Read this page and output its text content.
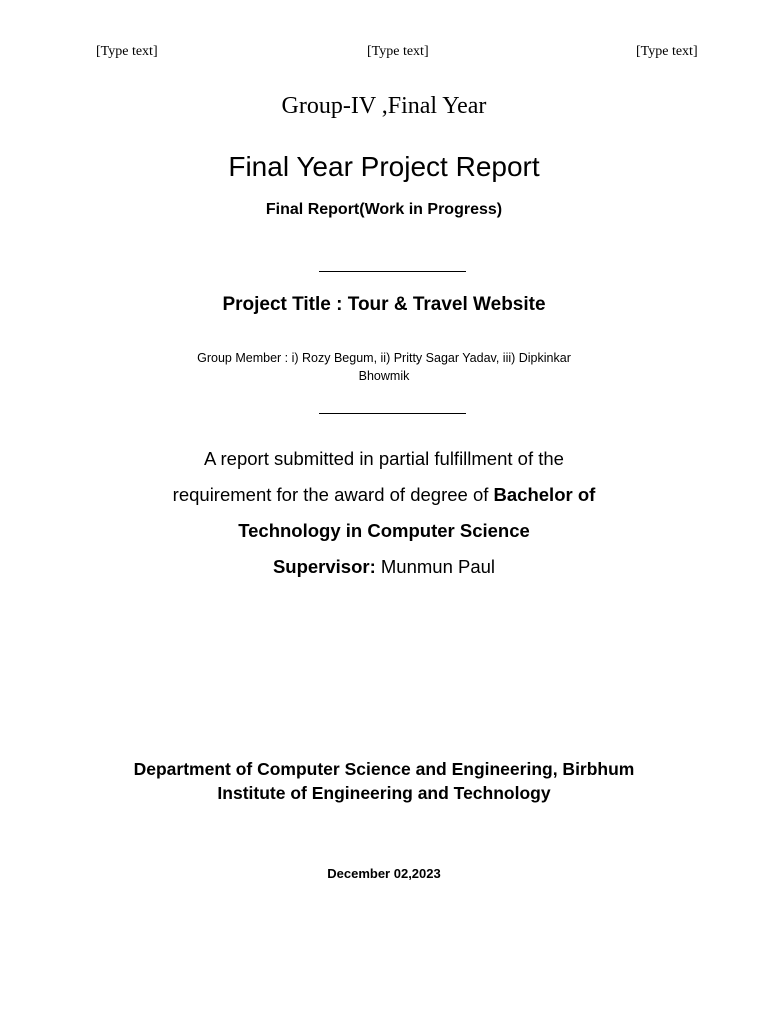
[Type text]	[Type text]	[Type text]
Group-IV ,Final Year
Final Year Project Report
Final Report(Work in Progress)
Project Title : Tour & Travel Website
Group Member : i) Rozy Begum, ii) Pritty Sagar Yadav, iii) Dipkinkar
Bhowmik
A report submitted in partial fulfillment of the
requirement for the award of degree of Bachelor of
Technology in Computer Science
Supervisor: Munmun Paul
Department of Computer Science and Engineering, Birbhum
Institute of Engineering and Technology
December 02,2023
